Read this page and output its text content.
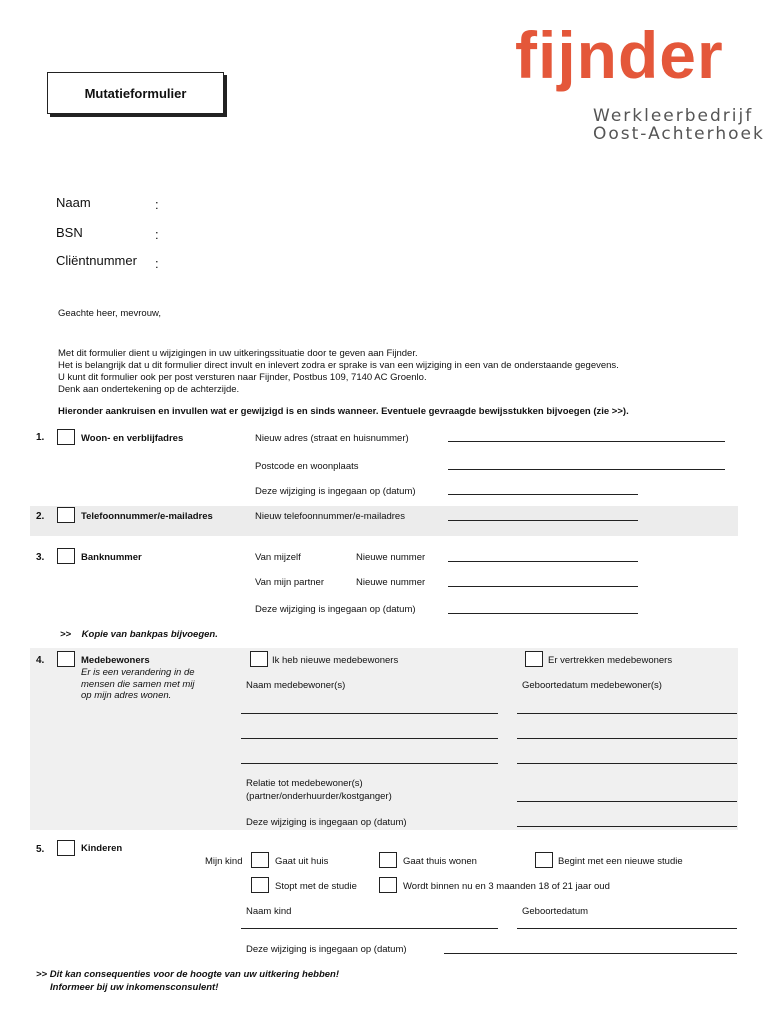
Mutatieformulier
fijnder
Werkleerbedrijf
Oost-Achterhoek
Naam	:
BSN	:
Cliëntnummer :
Geachte heer, mevrouw,
Met dit formulier dient u wijzigingen in uw uitkeringssituatie door te geven aan Fijnder.
Het is belangrijk dat u dit formulier direct invult en inlevert zodra er sprake is van een wijziging in een van de onderstaande gegevens.
U kunt dit formulier ook per post versturen naar Fijnder, Postbus 109, 7140 AC Groenlo.
Denk aan ondertekening op de achterzijde.
Hieronder aankruisen en invullen wat er gewijzigd is en sinds wanneer. Eventuele gevraagde bewijsstukken bijvoegen (zie >>).
1.	Woon- en verblijfadres	Nieuw adres (straat en huisnummer)
Postcode en woonplaats
Deze wijziging is ingegaan op (datum)
2.	Telefoonnummer/e-mailadres	Nieuw telefoonnummer/e-mailadres
3.	Banknummer	Van mijzelf	Nieuwe nummer
Van mijn partner	Nieuwe nummer
Deze wijziging is ingegaan op (datum)
>>    Kopie van bankpas bijvoegen.
4.	Medebewoners
Er is een verandering in de
mensen die samen met mij
op mijn adres wonen.
Ik heb nieuwe medebewoners	Er vertrekken medebewoners
Naam medebewoner(s)	Geboortedatum medebewoner(s)
Relatie tot medebewoner(s)
(partner/onderhuurder/kostganger)
Deze wijziging is ingegaan op (datum)
5.	Kinderen
Mijn kind	Gaat uit huis	Gaat thuis wonen	Begint met een nieuwe studie
Stopt met de studie	Wordt binnen nu en 3 maanden 18 of 21 jaar oud
Naam kind	Geboortedatum
Deze wijziging is ingegaan op (datum)
>> Dit kan consequenties voor de hoogte van uw uitkering hebben!
Informeer bij uw inkomensconsulent!
